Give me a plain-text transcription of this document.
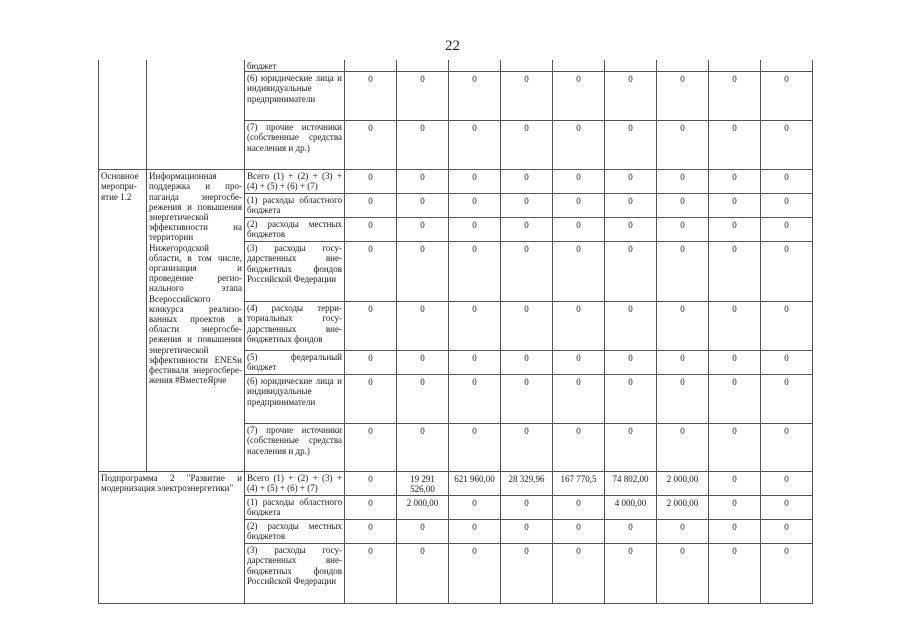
22
		бюджет									
		(6) юридические лица и индивидуальные предприниматели	0	0	0	0	0	0	0	0	0
		(7) прочие источники (собственные средства населения и др.)	0	0	0	0	0	0	0	0	0
Основное мероприятие 1.2	Информационная поддержка и пропаганда энергосбережения и повышения энергетической эффективности на территории Нижегородской области, в том числе, организация и проведение регионального этапа Всероссийского конкурса реализованных проектов в области энергосбережения и повышения энергетической эффективности ENESи фестиваля энергосбережения #ВместеЯрче	Всего (1) + (2) + (3) + (4) + (5) + (6) + (7)	0	0	0	0	0	0	0	0	0
		(1) расходы областного бюджета	0	0	0	0	0	0	0	0	0
		(2) расходы местных бюджетов	0	0	0	0	0	0	0	0	0
		(3) расходы государственных внебюджетных фондов Российской Федерации	0	0	0	0	0	0	0	0	0
		(4) расходы территориальных государственных внебюджетных фондов	0	0	0	0	0	0	0	0	0
		(5) федеральный бюджет	0	0	0	0	0	0	0	0	0
		(6) юридические лица и индивидуальные предприниматели	0	0	0	0	0	0	0	0	0
		(7) прочие источники (собственные средства населения и др.)	0	0	0	0	0	0	0	0	0
Подпрограмма 2 "Развитие и модернизация электроэнергетики"		Всего (1) + (2) + (3) + (4) + (5) + (6) + (7)	0	19 291 526,00	621 960,00	28 329,96	167 770,5	74 802,00	2 000,00	0	0
		(1) расходы областного бюджета	0	2 000,00	0	0	0	4 000,00	2 000,00	0	0
		(2) расходы местных бюджетов	0	0	0	0	0	0	0	0	0
		(3) расходы государственных внебюджетных фондов Российской Федерации	0	0	0	0	0	0	0	0	0
